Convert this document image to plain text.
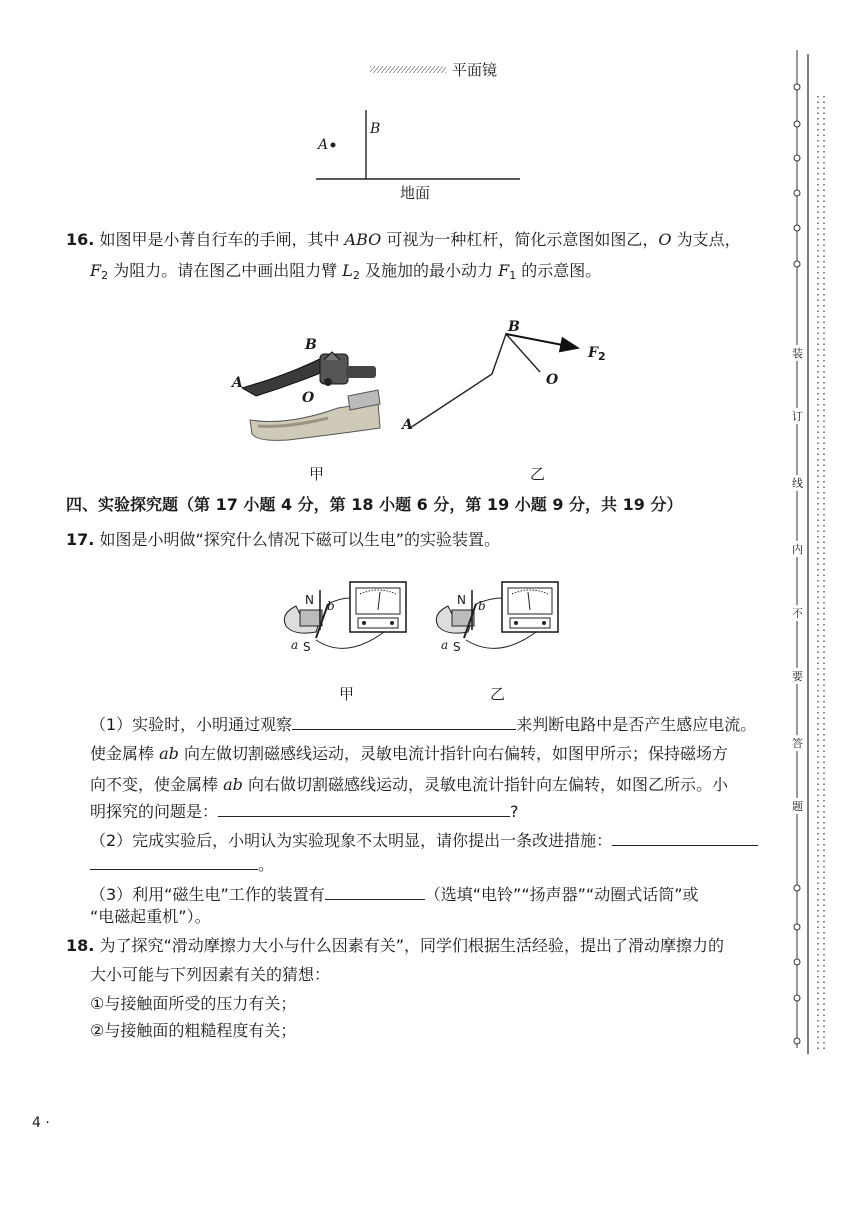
平面镜
B
A
地面
16. 如图甲是小菁自行车的手闸，其中 ABO 可视为一种杠杆，简化示意图如图乙，O 为支点，
$F_2$ 为阻力。请在图乙中画出阻力臂 $L_2$ 及施加的最小动力 $F_1$ 的示意图。
A
B
O
甲
B
O
A
$F_2$
乙
四、实验探究题（第 17 小题 4 分，第 18 小题 6 分，第 19 小题 9 分，共 19 分）
17. 如图是小明做“探究什么情况下磁可以生电”的实验装置。
N b
a S
N b
a S
甲	乙
（1）实验时，小明通过观察	来判断电路中是否产生感应电流。
使金属棒 ab 向左做切割磁感线运动，灵敏电流计指针向右偏转，如图甲所示；保持磁场方
向不变，使金属棒 ab 向右做切割磁感线运动，灵敏电流计指针向左偏转，如图乙所示。小
明探究的问题是：	?
（2）完成实验后，小明认为实验现象不太明显，请你提出一条改进措施：
。
（3）利用“磁生电”工作的装置有	（选填“电铃”“扬声器”“动圈式话筒”或
“电磁起重机”）。
18. 为了探究“滑动摩擦力大小与什么因素有关”，同学们根据生活经验，提出了滑动摩擦力的
大小可能与下列因素有关的猜想：
①与接触面所受的压力有关；
②与接触面的粗糙程度有关；
4 ·
装
订
线
内
不
要
答
题
